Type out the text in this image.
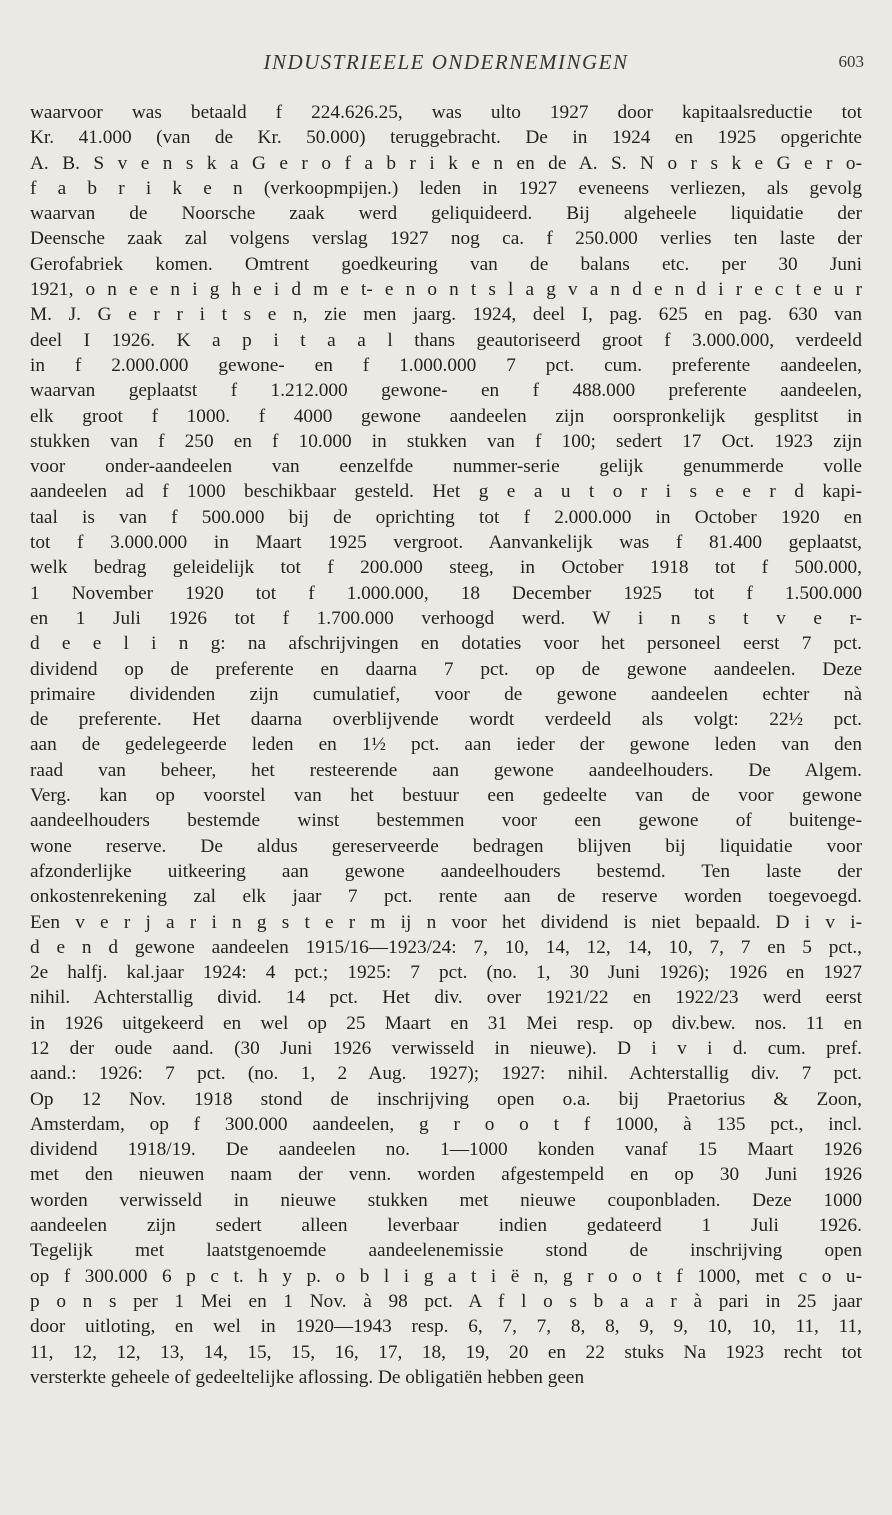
INDUSTRIEELE ONDERNEMINGEN	603
waarvoor was betaald f 224.626.25, was ulto 1927 door kapitaalsreductie tot
Kr. 41.000 (van de Kr. 50.000) teruggebracht. De in 1924 en 1925 opgerichte
A. B. S v e n s k a G e r o f a b r i k e n en de A. S. N o r s k e G e r o-
f a b r i k e n (verkoopmpijen.) leden in 1927 eveneens verliezen, als gevolg
waarvan de Noorsche zaak werd geliquideerd. Bij algeheele liquidatie der
Deensche zaak zal volgens verslag 1927 nog ca. f 250.000 verlies ten laste der
Gerofabriek komen. Omtrent goedkeuring van de balans etc. per 30 Juni
1921, o n e e n i g h e i d m e t- e n o n t s l a g v a n d e n d i r e c t e u r
M. J. G e r r i t s e n, zie men jaarg. 1924, deel I, pag. 625 en pag. 630 van
deel I 1926. K a p i t a a l thans geautoriseerd groot f 3.000.000, verdeeld
in f 2.000.000 gewone- en f 1.000.000 7 pct. cum. preferente aandeelen,
waarvan geplaatst f 1.212.000 gewone- en f 488.000 preferente aandeelen,
elk groot f 1000. f 4000 gewone aandeelen zijn oorspronkelijk gesplitst in
stukken van f 250 en f 10.000 in stukken van f 100; sedert 17 Oct. 1923 zijn
voor onder-aandeelen van eenzelfde nummer-serie gelijk genummerde volle
aandeelen ad f 1000 beschikbaar gesteld. Het g e a u t o r i s e e r d kapi-
taal is van f 500.000 bij de oprichting tot f 2.000.000 in October 1920 en
tot f 3.000.000 in Maart 1925 vergroot. Aanvankelijk was f 81.400 geplaatst,
welk bedrag geleidelijk tot f 200.000 steeg, in October 1918 tot f 500.000,
1 November 1920 tot f 1.000.000, 18 December 1925 tot f 1.500.000
en 1 Juli 1926 tot f 1.700.000 verhoogd werd. W i n s t v e r-
d e e l i n g: na afschrijvingen en dotaties voor het personeel eerst 7 pct.
dividend op de preferente en daarna 7 pct. op de gewone aandeelen. Deze
primaire dividenden zijn cumulatief, voor de gewone aandeelen echter nà
de preferente. Het daarna overblijvende wordt verdeeld als volgt: 22½ pct.
aan de gedelegeerde leden en 1½ pct. aan ieder der gewone leden van den
raad van beheer, het resteerende aan gewone aandeelhouders. De Algem.
Verg. kan op voorstel van het bestuur een gedeelte van de voor gewone
aandeelhouders bestemde winst bestemmen voor een gewone of buitenge-
wone reserve. De aldus gereserveerde bedragen blijven bij liquidatie voor
afzonderlijke uitkeering aan gewone aandeelhouders bestemd. Ten laste der
onkostenrekening zal elk jaar 7 pct. rente aan de reserve worden toegevoegd.
Een v e r j a r i n g s t e r m ij n voor het dividend is niet bepaald. D i v i-
d e n d gewone aandeelen 1915/16—1923/24: 7, 10, 14, 12, 14, 10, 7, 7 en 5 pct.,
2e halfj. kal.jaar 1924: 4 pct.; 1925: 7 pct. (no. 1, 30 Juni 1926); 1926 en 1927
nihil. Achterstallig divid. 14 pct. Het div. over 1921/22 en 1922/23 werd eerst
in 1926 uitgekeerd en wel op 25 Maart en 31 Mei resp. op div.bew. nos. 11 en
12 der oude aand. (30 Juni 1926 verwisseld in nieuwe). D i v i d. cum. pref.
aand.: 1926: 7 pct. (no. 1, 2 Aug. 1927); 1927: nihil. Achterstallig div. 7 pct.
Op 12 Nov. 1918 stond de inschrijving open o.a. bij Praetorius & Zoon,
Amsterdam, op f 300.000 aandeelen, g r o o t f 1000, à 135 pct., incl.
dividend 1918/19. De aandeelen no. 1—1000 konden vanaf 15 Maart 1926
met den nieuwen naam der venn. worden afgestempeld en op 30 Juni 1926
worden verwisseld in nieuwe stukken met nieuwe couponbladen. Deze 1000
aandeelen zijn sedert alleen leverbaar indien gedateerd 1 Juli 1926.
Tegelijk met laatstgenoemde aandeelenemissie stond de inschrijving open
op f 300.000 6 p c t. h y p. o b l i g a t i ë n, g r o o t f 1000, met c o u-
p o n s per 1 Mei en 1 Nov. à 98 pct. A f l o s b a a r à pari in 25 jaar
door uitloting, en wel in 1920—1943 resp. 6, 7, 7, 8, 8, 9, 9, 10, 10, 11, 11,
11, 12, 12, 13, 14, 15, 15, 16, 17, 18, 19, 20 en 22 stuks Na 1923 recht tot
versterkte geheele of gedeeltelijke aflossing. De obligatiën hebben geen
